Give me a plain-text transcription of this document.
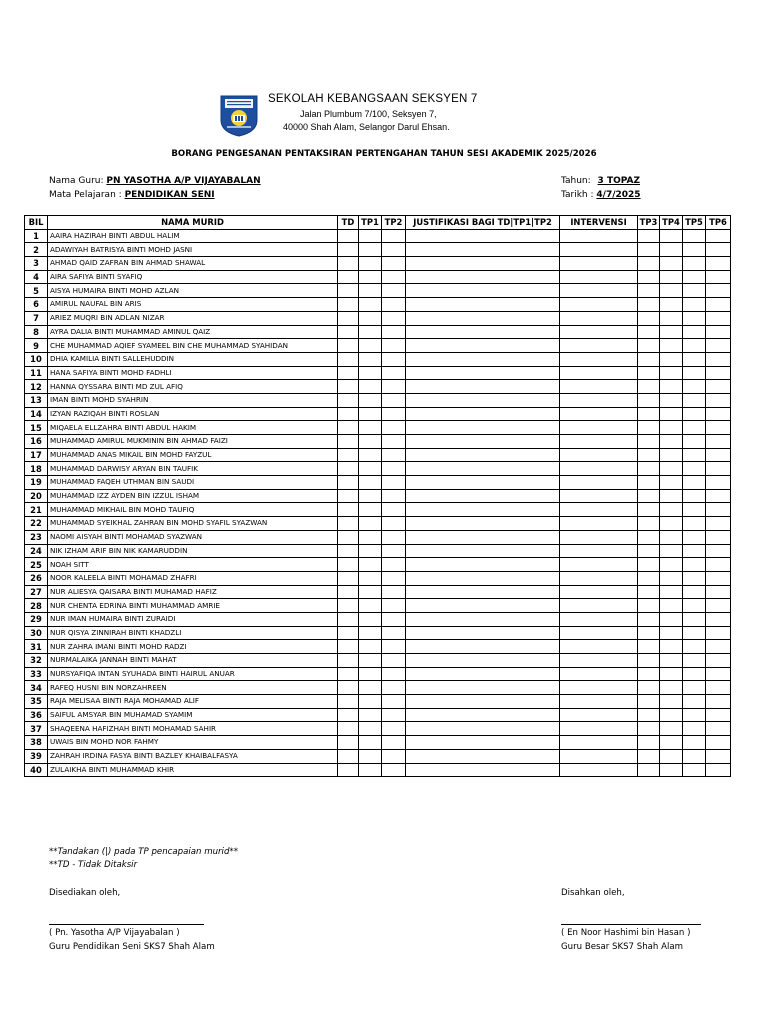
SEKOLAH KEBANGSAAN SEKSYEN 7
Jalan Plumbum 7/100, Seksyen 7,
40000 Shah Alam, Selangor Darul Ehsan.
BORANG PENGESANAN PENTAKSIRAN PERTENGAHAN TAHUN SESI AKADEMIK 2025/2026
Nama Guru: PN YASOTHA A/P VIJAYABALAN
Mata Pelajaran : PENDIDIKAN SENI
Tahun: 3 TOPAZ
Tarikh : 4/7/2025
BIL	NAMA MURID	TD	TP1	TP2	JUSTIFIKASI BAGI TD|TP1|TP2	INTERVENSI	TP3	TP4	TP5	TP6
1	AAIRA HAZIRAH BINTI ABDUL HALIM									
2	ADAWIYAH BATRISYA BINTI MOHD JASNI									
3	AHMAD QAID ZAFRAN BIN AHMAD SHAWAL									
4	AIRA SAFIYA BINTI SYAFIQ									
5	AISYA HUMAIRA BINTI MOHD AZLAN									
6	AMIRUL NAUFAL BIN ARIS									
7	ARIEZ MUQRI BIN ADLAN NIZAR									
8	AYRA DALIA BINTI MUHAMMAD AMINUL QAIZ									
9	CHE MUHAMMAD AQIEF SYAMEEL BIN CHE MUHAMMAD SYAHIDAN									
10	DHIA KAMILIA BINTI SALLEHUDDIN									
11	HANA SAFIYA BINTI MOHD FADHLI									
12	HANNA QYSSARA BINTI MD ZUL AFIQ									
13	IMAN BINTI MOHD SYAHRIN									
14	IZYAN RAZIQAH BINTI ROSLAN									
15	MIQAELA ELLZAHRA BINTI ABDUL HAKIM									
16	MUHAMMAD AMIRUL MUKMININ BIN AHMAD FAIZI									
17	MUHAMMAD ANAS MIKAIL BIN MOHD FAYZUL									
18	MUHAMMAD DARWISY ARYAN BIN TAUFIK									
19	MUHAMMAD FAQEH UTHMAN BIN SAUDI									
20	MUHAMMAD IZZ AYDEN BIN IZZUL ISHAM									
21	MUHAMMAD MIKHAIL BIN MOHD TAUFIQ									
22	MUHAMMAD SYEIKHAL ZAHRAN BIN MOHD SYAFIL SYAZWAN									
23	NAOMI AISYAH BINTI MOHAMAD SYAZWAN									
24	NIK IZHAM ARIF BIN NIK KAMARUDDIN									
25	NOAH SITT									
26	NOOR KALEELA BINTI MOHAMAD ZHAFRI									
27	NUR ALIESYA QAISARA BINTI MUHAMAD HAFIZ									
28	NUR CHENTA EDRINA BINTI MUHAMMAD AMRIE									
29	NUR IMAN HUMAIRA BINTI ZURAIDI									
30	NUR QISYA ZINNIRAH BINTI KHADZLI									
31	NUR ZAHRA IMANI BINTI MOHD RADZI									
32	NURMALAIKA JANNAH BINTI MAHAT									
33	NURSYAFIQA INTAN SYUHADA BINTI HAIRUL ANUAR									
34	RAFEQ HUSNI BIN NORZAHREEN									
35	RAJA MELISAA BINTI RAJA MOHAMAD ALIF									
36	SAIFUL AMSYAR BIN MUHAMAD SYAMIM									
37	SHAQEENA HAFIZHAH BINTI MOHAMAD SAHIR									
38	UWAIS BIN MOHD NOR FAHMY									
39	ZAHRAH IRDINA FASYA BINTI BAZLEY KHAIBALFASYA									
40	ZULAIKHA BINTI MUHAMMAD KHIR									
**Tandakan (|) pada TP pencapaian murid**
**TD - Tidak Ditaksir
Disediakan oleh,
( Pn. Yasotha A/P Vijayabalan )
Guru Pendidikan Seni SKS7 Shah Alam
Disahkan oleh,
( En Noor Hashimi bin Hasan )
Guru Besar SKS7 Shah Alam
